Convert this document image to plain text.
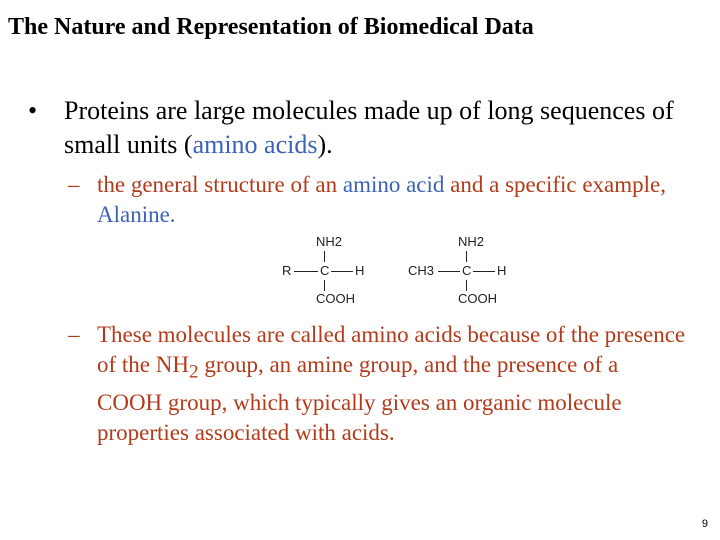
The Nature and Representation of Biomedical Data
• Proteins are large molecules made up of long sequences of small units (amino acids).
– the general structure of an amino acid and a specific example, Alanine.
NH2
R C H
COOH
NH2
CH3 C H
COOH
– These molecules are called amino acids because of the presence of the $NH_2$ group, an amine group, and the presence of a COOH group, which typically gives an organic molecule properties associated with acids.
9
